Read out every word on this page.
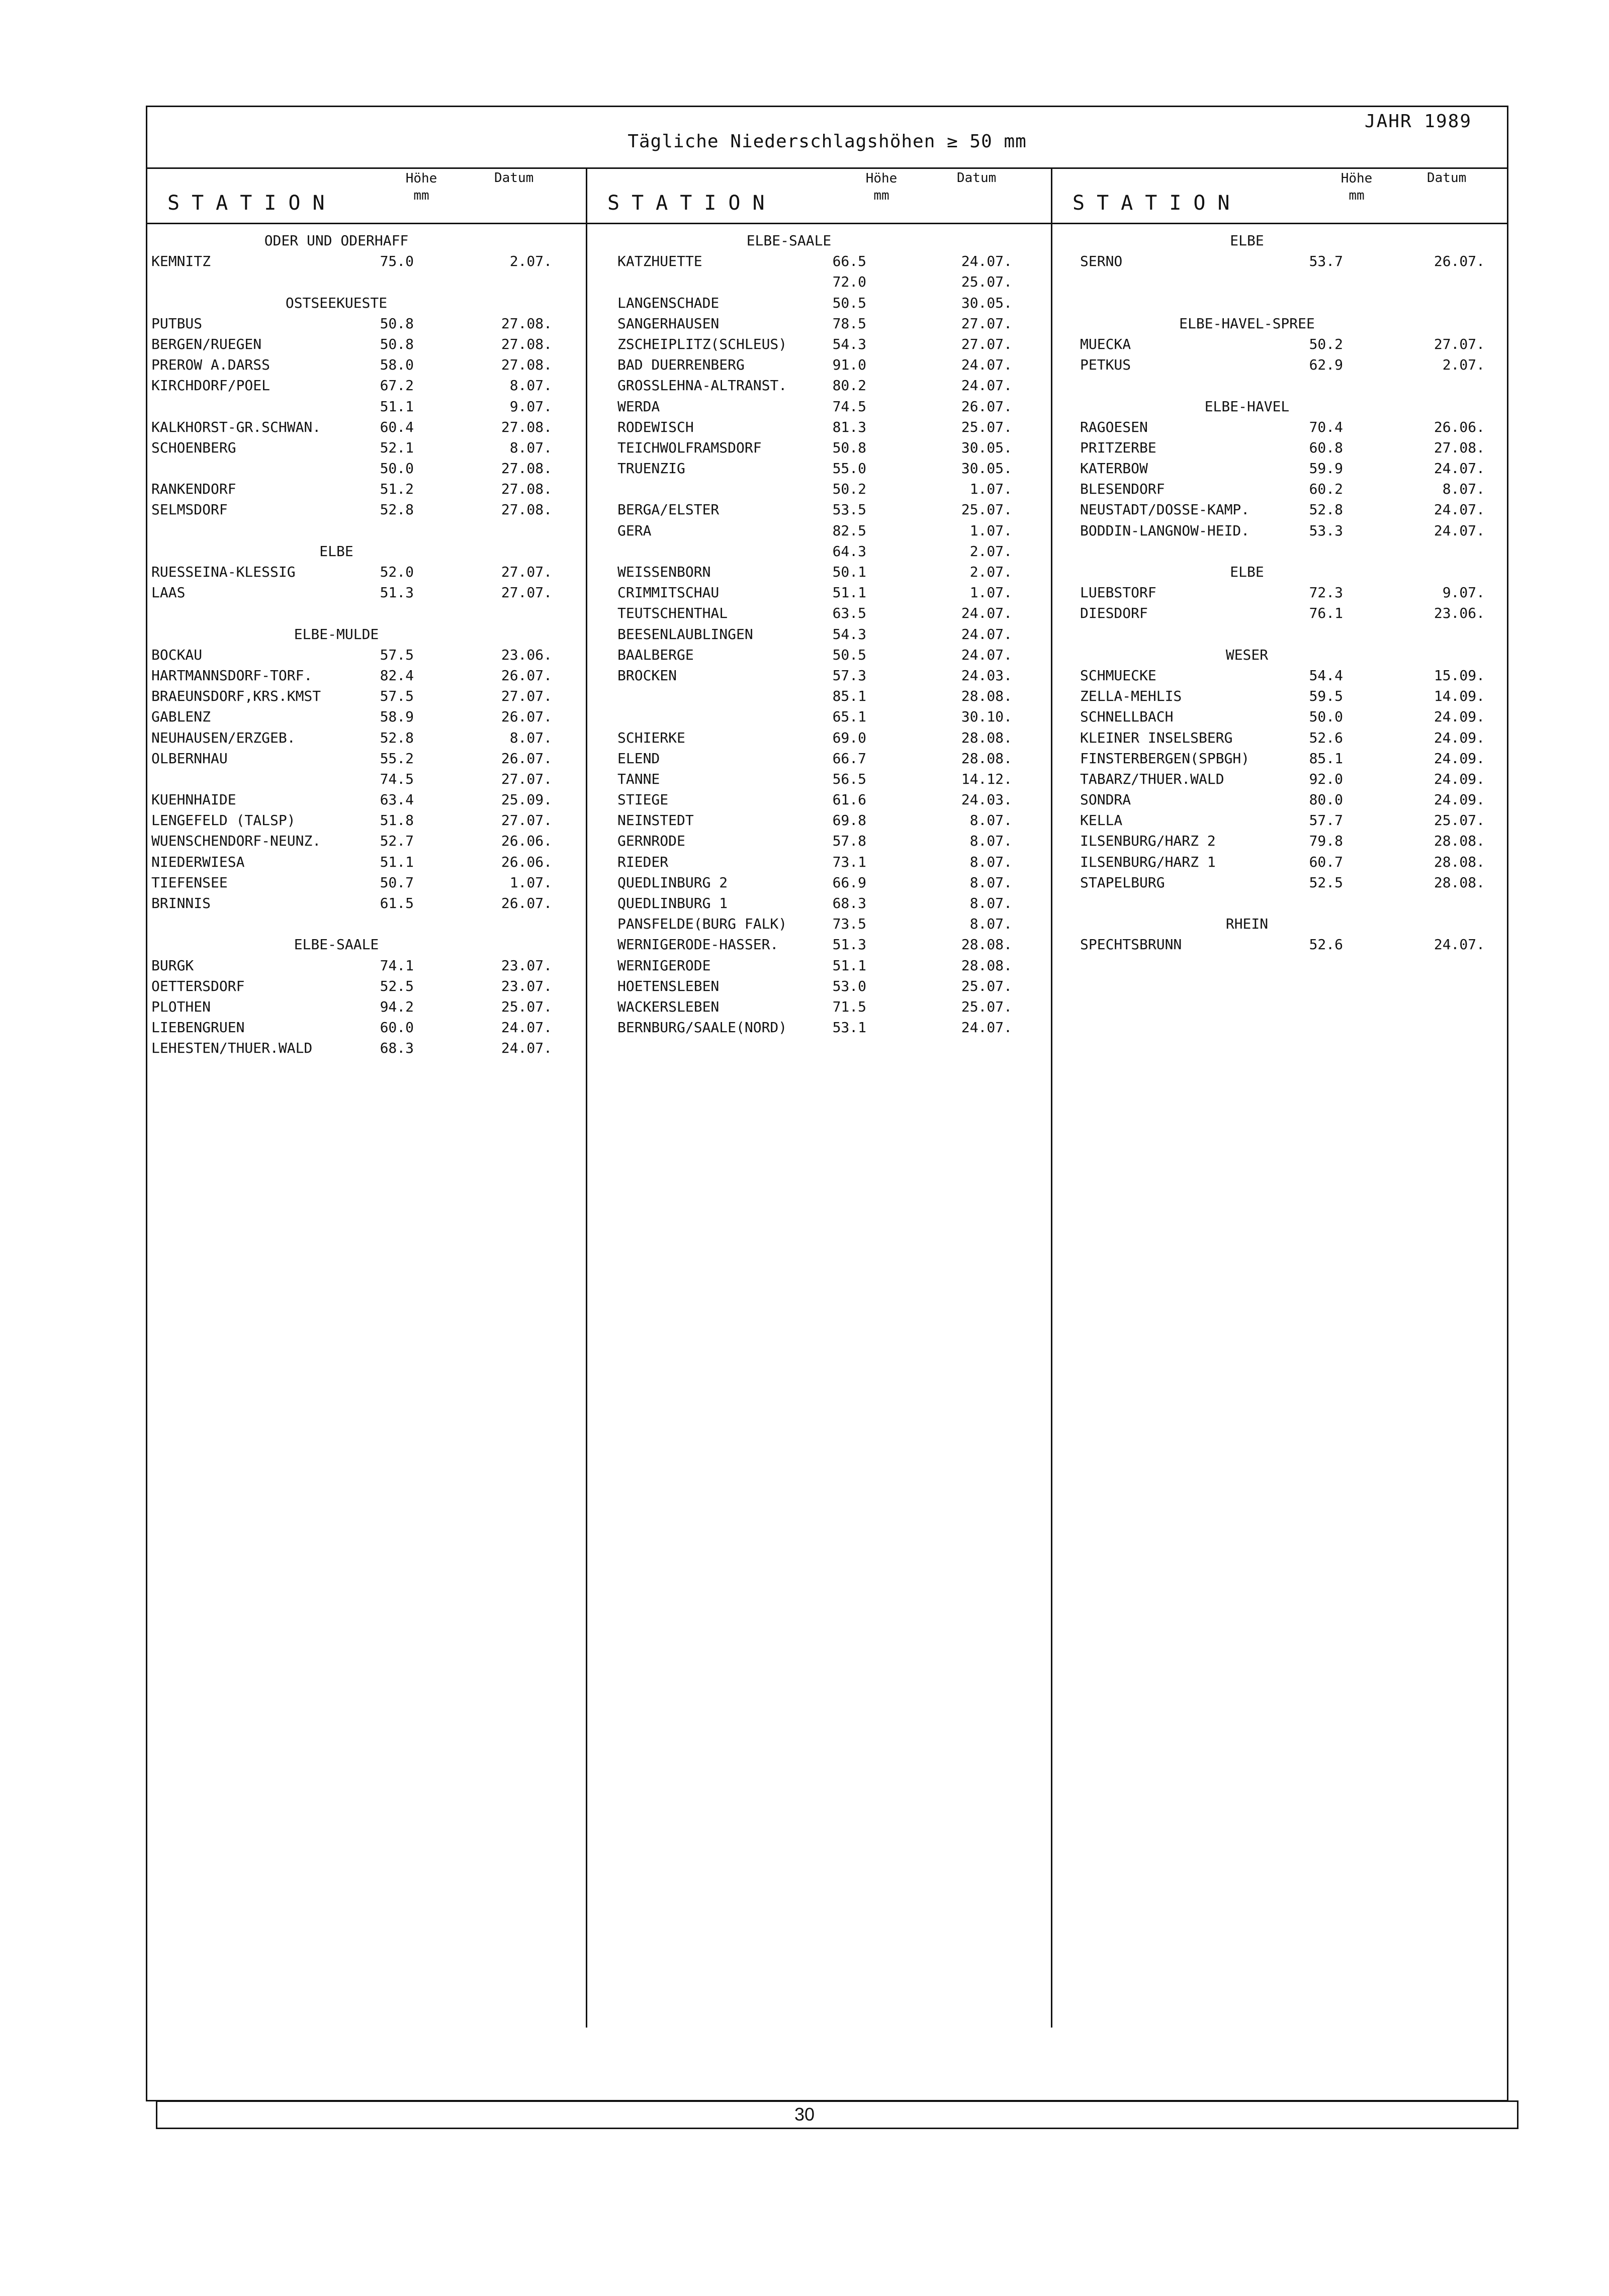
JAHR 1989
Tägliche Niederschlagshöhen ≥ 50 mm
STATION
Höhe
mm
Datum
ODER UND ODERHAFF
KEMNITZ	75.0	2.07.
OSTSEEKUESTE
PUTBUS	50.8	27.08.
BERGEN/RUEGEN	50.8	27.08.
PREROW A.DARSS	58.0	27.08.
KIRCHDORF/POEL	67.2	8.07.
51.1	9.07.
KALKHORST-GR.SCHWAN.	60.4	27.08.
SCHOENBERG	52.1	8.07.
50.0	27.08.
RANKENDORF	51.2	27.08.
SELMSDORF	52.8	27.08.
ELBE
RUESSEINA-KLESSIG	52.0	27.07.
LAAS	51.3	27.07.
ELBE-MULDE
BOCKAU	57.5	23.06.
HARTMANNSDORF-TORF.	82.4	26.07.
BRAEUNSDORF,KRS.KMST	57.5	27.07.
GABLENZ	58.9	26.07.
NEUHAUSEN/ERZGEB.	52.8	8.07.
OLBERNHAU	55.2	26.07.
74.5	27.07.
KUEHNHAIDE	63.4	25.09.
LENGEFELD (TALSP)	51.8	27.07.
WUENSCHENDORF-NEUNZ.	52.7	26.06.
NIEDERWIESA	51.1	26.06.
TIEFENSEE	50.7	1.07.
BRINNIS	61.5	26.07.
ELBE-SAALE
BURGK	74.1	23.07.
OETTERSDORF	52.5	23.07.
PLOTHEN	94.2	25.07.
LIEBENGRUEN	60.0	24.07.
LEHESTEN/THUER.WALD	68.3	24.07.
STATION
Höhe
mm
Datum
ELBE-SAALE
KATZHUETTE	66.5	24.07.
72.0	25.07.
LANGENSCHADE	50.5	30.05.
SANGERHAUSEN	78.5	27.07.
ZSCHEIPLITZ(SCHLEUS)	54.3	27.07.
BAD DUERRENBERG	91.0	24.07.
GROSSLEHNA-ALTRANST.	80.2	24.07.
WERDA	74.5	26.07.
RODEWISCH	81.3	25.07.
TEICHWOLFRAMSDORF	50.8	30.05.
TRUENZIG	55.0	30.05.
50.2	1.07.
BERGA/ELSTER	53.5	25.07.
GERA	82.5	1.07.
64.3	2.07.
WEISSENBORN	50.1	2.07.
CRIMMITSCHAU	51.1	1.07.
TEUTSCHENTHAL	63.5	24.07.
BEESENLAUBLINGEN	54.3	24.07.
BAALBERGE	50.5	24.07.
BROCKEN	57.3	24.03.
85.1	28.08.
65.1	30.10.
SCHIERKE	69.0	28.08.
ELEND	66.7	28.08.
TANNE	56.5	14.12.
STIEGE	61.6	24.03.
NEINSTEDT	69.8	8.07.
GERNRODE	57.8	8.07.
RIEDER	73.1	8.07.
QUEDLINBURG 2	66.9	8.07.
QUEDLINBURG 1	68.3	8.07.
PANSFELDE(BURG FALK)	73.5	8.07.
WERNIGERODE-HASSER.	51.3	28.08.
WERNIGERODE	51.1	28.08.
HOETENSLEBEN	53.0	25.07.
WACKERSLEBEN	71.5	25.07.
BERNBURG/SAALE(NORD)	53.1	24.07.
STATION
Höhe
mm
Datum
ELBE
SERNO	53.7	26.07.
ELBE-HAVEL-SPREE
MUECKA	50.2	27.07.
PETKUS	62.9	2.07.
ELBE-HAVEL
RAGOESEN	70.4	26.06.
PRITZERBE	60.8	27.08.
KATERBOW	59.9	24.07.
BLESENDORF	60.2	8.07.
NEUSTADT/DOSSE-KAMP.	52.8	24.07.
BODDIN-LANGNOW-HEID.	53.3	24.07.
ELBE
LUEBSTORF	72.3	9.07.
DIESDORF	76.1	23.06.
WESER
SCHMUECKE	54.4	15.09.
ZELLA-MEHLIS	59.5	14.09.
SCHNELLBACH	50.0	24.09.
KLEINER INSELSBERG	52.6	24.09.
FINSTERBERGEN(SPBGH)	85.1	24.09.
TABARZ/THUER.WALD	92.0	24.09.
SONDRA	80.0	24.09.
KELLA	57.7	25.07.
ILSENBURG/HARZ 2	79.8	28.08.
ILSENBURG/HARZ 1	60.7	28.08.
STAPELBURG	52.5	28.08.
RHEIN
SPECHTSBRUNN	52.6	24.07.
30
